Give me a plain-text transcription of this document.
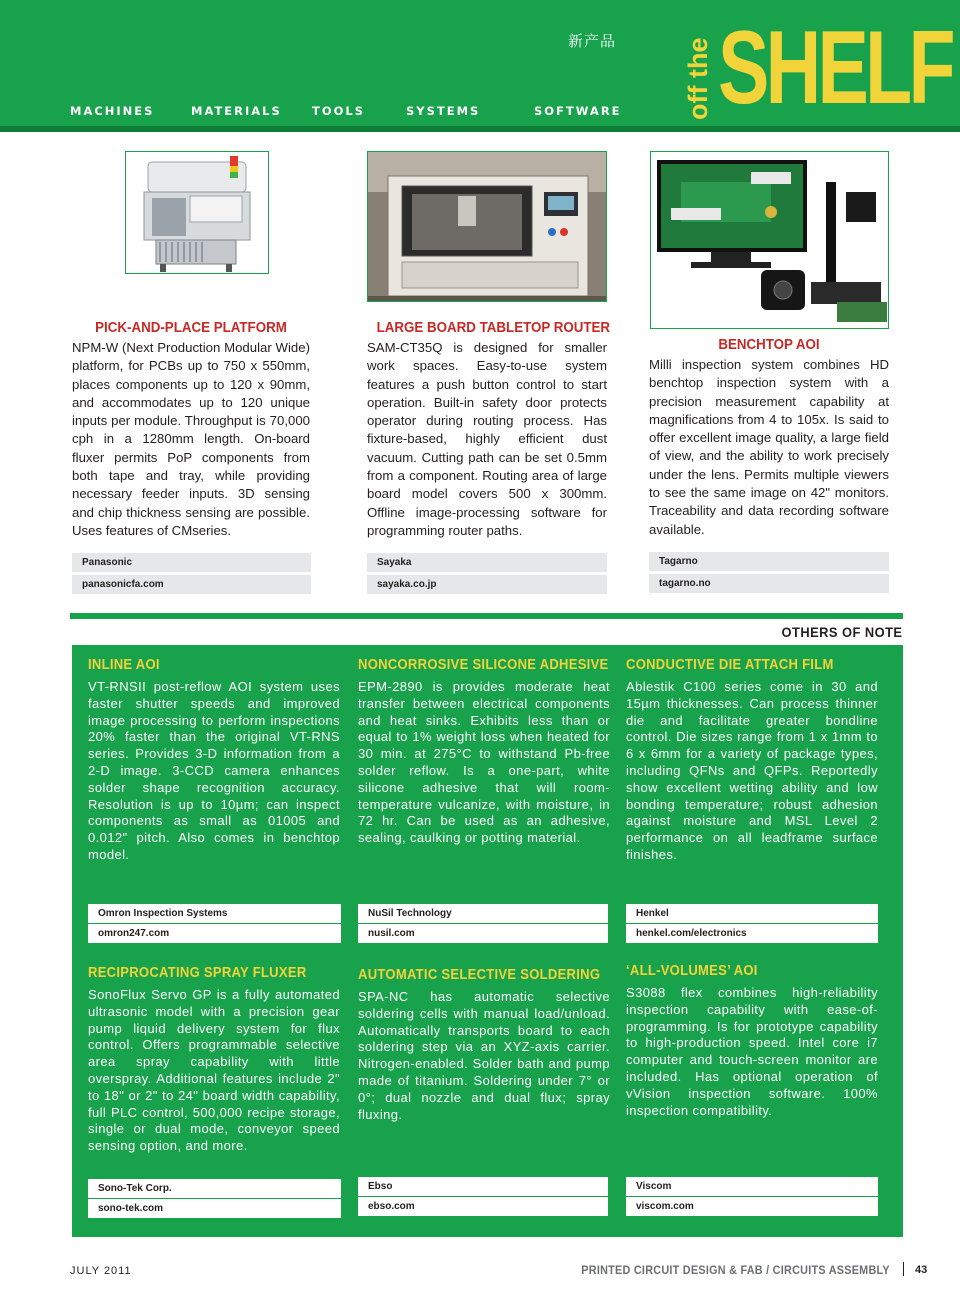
新产品
MACHINES	MATERIALS	TOOLS	SYSTEMS	SOFTWARE off the SHELF
PICK-AND-PLACE PLATFORM
NPM-W (Next Production Modular Wide) platform, for PCBs up to 750 x 550mm, places components up to 120 x 90mm, and accommodates up to 120 unique inputs per module. Throughput is 70,000 cph in a 1280mm length. On-board fluxer permits PoP components from both tape and tray, while providing necessary feeder inputs. 3D sensing and chip thickness sensing are possible. Uses features of CMseries.
Panasonic
panasonicfa.com
LARGE BOARD TABLETOP ROUTER
SAM-CT35Q is designed for smaller work spaces. Easy-to-use system features a push button control to start operation. Built-in safety door protects operator during routing process. Has fixture-based, highly efficient dust vacuum. Cutting path can be set 0.5mm from a component. Routing area of large board model covers 500 x 300mm. Offline image-processing software for programming router paths.
Sayaka
sayaka.co.jp
BENCHTOP AOI
Milli inspection system combines HD benchtop inspection system with a precision measurement capability at magnifications from 4 to 105x. Is said to offer excellent image quality, a large field of view, and the ability to work precisely under the lens. Permits multiple viewers to see the same image on 42" monitors. Traceability and data recording software available.
Tagarno
tagarno.no
OTHERS OF NOTE
INLINE AOI
VT-RNSII post-reflow AOI system uses faster shutter speeds and improved image processing to perform inspections 20% faster than the original VT-RNS series. Provides 3-D information from a 2-D image. 3-CCD camera enhances solder shape recognition accuracy. Resolution is up to 10µm; can inspect components as small as 01005 and 0.012" pitch. Also comes in benchtop model.
Omron Inspection Systems
omron247.com
NONCORROSIVE SILICONE ADHESIVE
EPM-2890 is provides moderate heat transfer between electrical components and heat sinks. Exhibits less than or equal to 1% weight loss when heated for 30 min. at 275°C to withstand Pb-free solder reflow. Is a one-part, white silicone adhesive that will room-temperature vulcanize, with moisture, in 72 hr. Can be used as an adhesive, sealing, caulking or potting material.
NuSil Technology
nusil.com
CONDUCTIVE DIE ATTACH FILM
Ablestik C100 series come in 30 and 15µm thicknesses. Can process thinner die and facilitate greater bondline control. Die sizes range from 1 x 1mm to 6 x 6mm for a variety of package types, including QFNs and QFPs. Reportedly show excellent wetting ability and low bonding temperature; robust adhesion against moisture and MSL Level 2 performance on all leadframe surface finishes.
Henkel
henkel.com/electronics
RECIPROCATING SPRAY FLUXER
SonoFlux Servo GP is a fully automated ultrasonic model with a precision gear pump liquid delivery system for flux control. Offers programmable selective area spray capability with little overspray. Additional features include 2" to 18" or 2" to 24" board width capability, full PLC control, 500,000 recipe storage, single or dual mode, conveyor speed sensing option, and more.
Sono-Tek Corp.
sono-tek.com
AUTOMATIC SELECTIVE SOLDERING
SPA-NC has automatic selective soldering cells with manual load/unload. Automatically transports board to each soldering step via an XYZ-axis carrier. Nitrogen-enabled. Solder bath and pump made of titanium. Soldering under 7° or 0°; dual nozzle and dual flux; spray fluxing.
Ebso
ebso.com
‘ALL-VOLUMES’ AOI
S3088 flex combines high-reliability inspection capability with ease-of-programming. Is for prototype capability to high-production speed. Intel core i7 computer and touch-screen monitor are included. Has optional operation of vVision inspection software. 100% inspection compatibility.
Viscom
viscom.com
JULY 2011	PRINTED CIRCUIT DESIGN & FAB / CIRCUITS ASSEMBLY 43
